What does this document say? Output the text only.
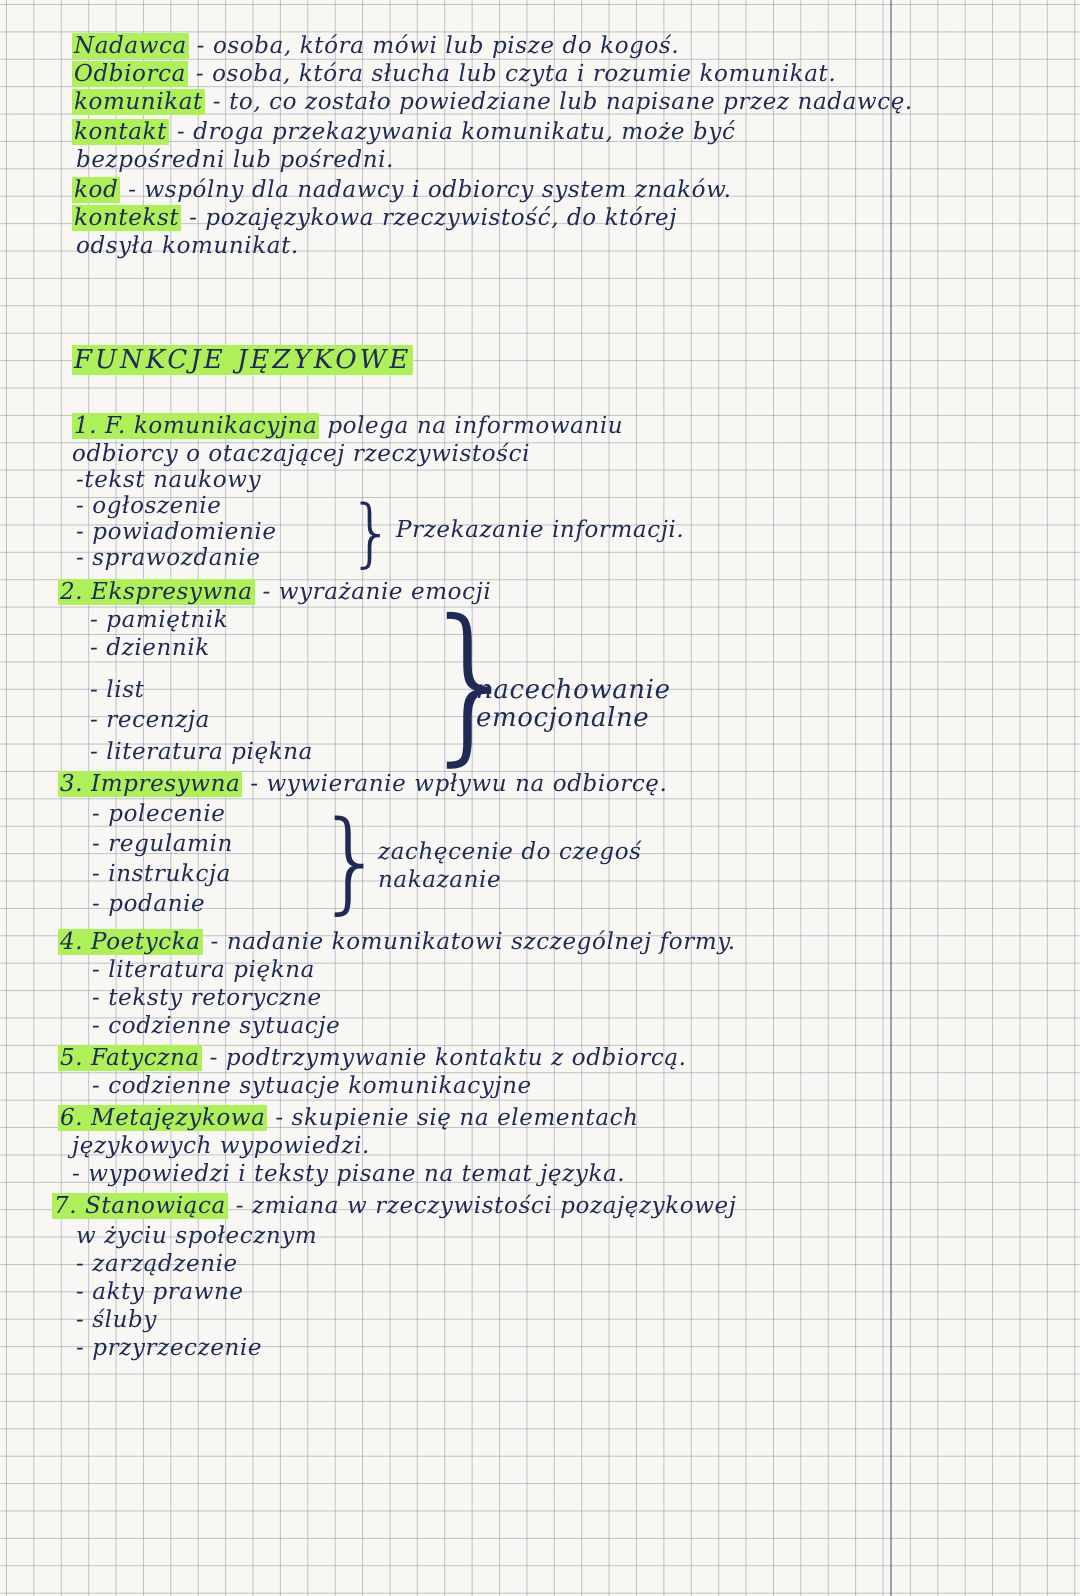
Nadawca - osoba, która mówi lub pisze do kogoś.
Odbiorca - osoba, która słucha lub czyta i rozumie komunikat.
komunikat - to, co zostało powiedziane lub napisane przez nadawcę.
kontakt - droga przekazywania komunikatu, może być
bezpośredni lub pośredni.
kod - wspólny dla nadawcy i odbiorcy system znaków.
kontekst - pozajęzykowa rzeczywistość, do której
odsyła komunikat.
FUNKCJE JĘZYKOWE
1. F. komunikacyjna polega na informowaniu
odbiorcy o otaczającej rzeczywistości
-tekst naukowy
- ogłoszenie
- powiadomienie
- sprawozdanie } Przekazanie informacji.
2. Ekspresywna - wyrażanie emocji
- pamiętnik
- dziennik
- list
- recenzja
- literatura piękna }
nacechowanie
emocjonalne
3. Impresywna - wywieranie wpływu na odbiorcę.
- polecenie
- regulamin
- instrukcja
- podanie }
zachęcenie do czegoś
nakazanie
4. Poetycka - nadanie komunikatowi szczególnej formy.
- literatura piękna
- teksty retoryczne
- codzienne sytuacje
5. Fatyczna - podtrzymywanie kontaktu z odbiorcą.
- codzienne sytuacje komunikacyjne
6. Metajęzykowa - skupienie się na elementach
językowych wypowiedzi.
- wypowiedzi i teksty pisane na temat języka.
7. Stanowiąca - zmiana w rzeczywistości pozajęzykowej
w życiu społecznym
- zarządzenie
- akty prawne
- śluby
- przyrzeczenie
